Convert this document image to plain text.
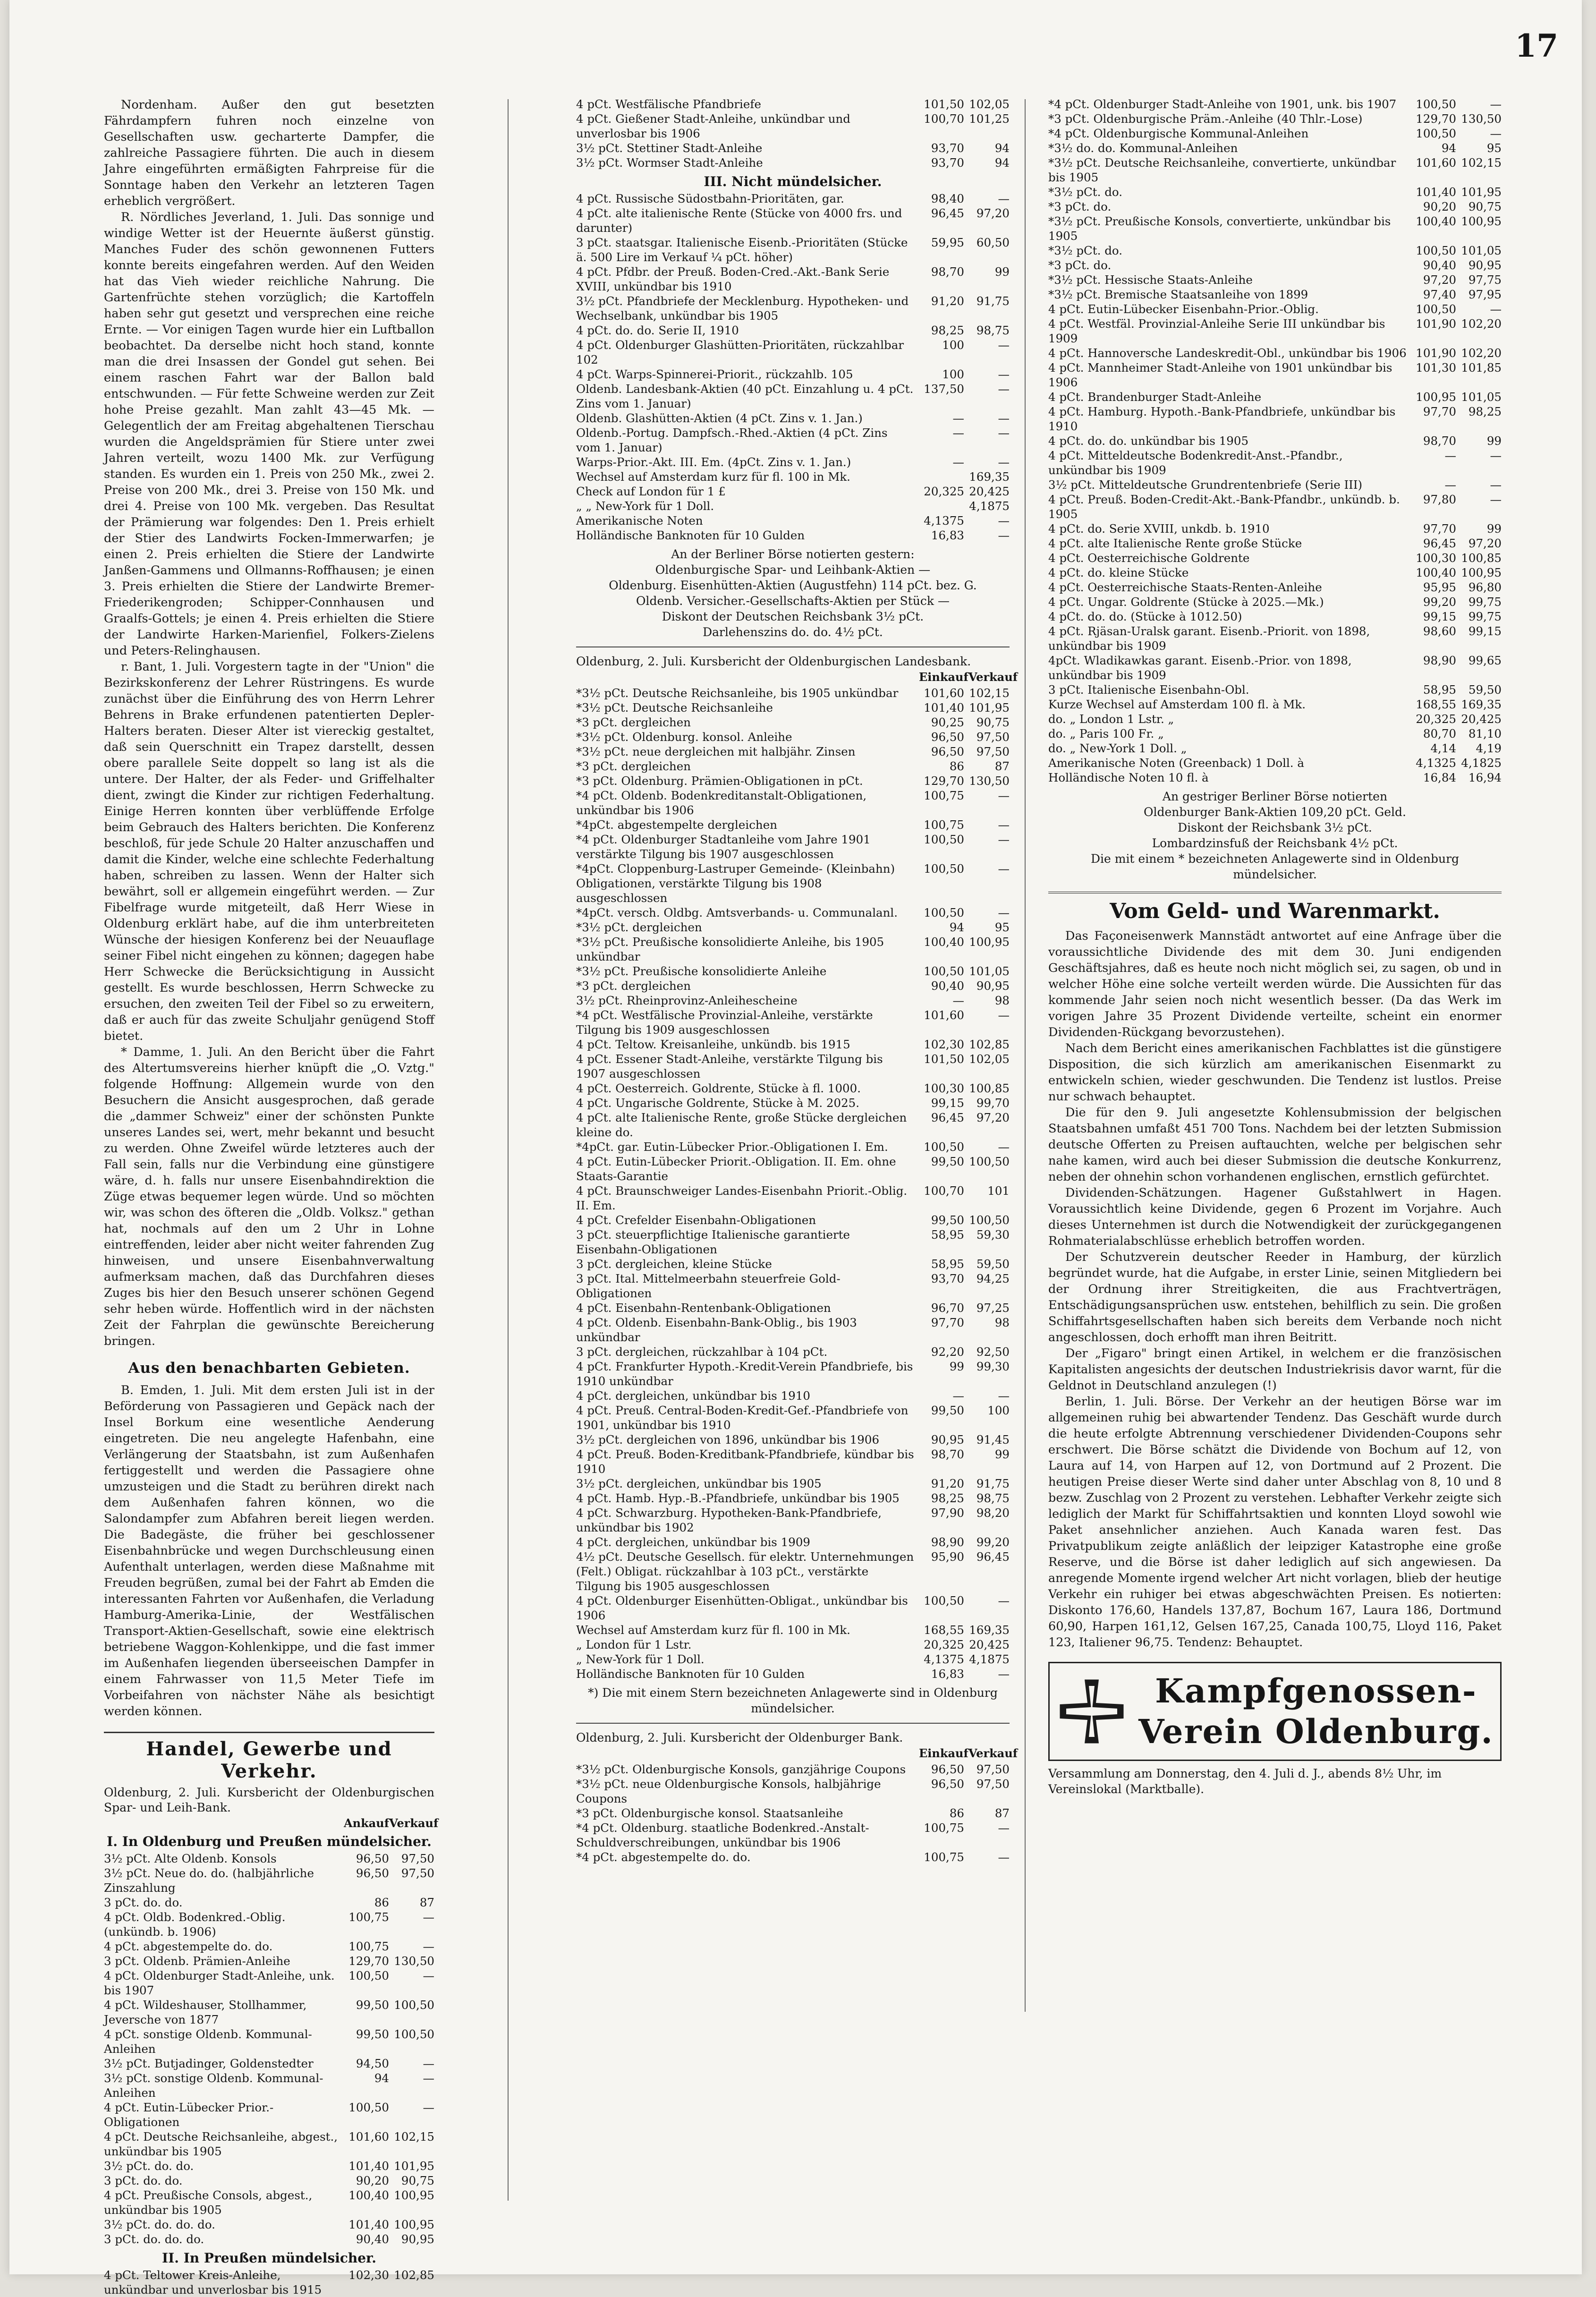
17

Nordenham. Außer den gut besetzten Fährdampfern fuhren noch einzelne von Gesellschaften usw. gecharterte Dampfer, die zahlreiche Passagiere führten. Die auch in diesem Jahre eingeführten ermäßigten Fahrpreise für die Sonntage haben den Verkehr an letzteren Tagen erheblich vergrößert.

R. Nördliches Jeverland, 1. Juli. Das sonnige und windige Wetter ist der Heuernte äußerst günstig. Manches Fuder des schön gewonnenen Futters konnte bereits eingefahren werden. Auf den Weiden hat das Vieh wieder reichliche Nahrung. Die Gartenfrüchte stehen vorzüglich; die Kartoffeln haben sehr gut gesetzt und versprechen eine reiche Ernte. — Vor einigen Tagen wurde hier ein Luftballon beobachtet. Da derselbe nicht hoch stand, konnte man die drei Insassen der Gondel gut sehen. Bei einem raschen Fahrt war der Ballon bald entschwunden. — Für fette Schweine werden zur Zeit hohe Preise gezahlt. Man zahlt 43—45 Mk. — Gelegentlich der am Freitag abgehaltenen Tierschau wurden die Angeldsprämien für Stiere unter zwei Jahren verteilt, wozu 1400 Mk. zur Verfügung standen. Es wurden ein 1. Preis von 250 Mk., zwei 2. Preise von 200 Mk., drei 3. Preise von 150 Mk. und drei 4. Preise von 100 Mk. vergeben. Das Resultat der Prämierung war folgendes: Den 1. Preis erhielt der Stier des Landwirts Focken-Immerwarfen; je einen 2. Preis erhielten die Stiere der Landwirte Janßen-Gammens und Ollmanns-Roffhausen; je einen 3. Preis erhielten die Stiere der Landwirte Bremer-Friederikengroden; Schipper-Connhausen und Graalfs-Gottels; je einen 4. Preis erhielten die Stiere der Landwirte Harken-Marienfiel, Folkers-Zielens und Peters-Relinghausen.

r. Bant, 1. Juli. Vorgestern tagte in der "Union" die Bezirkskonferenz der Lehrer Rüstringens. Es wurde zunächst über die Einführung des von Herrn Lehrer Behrens in Brake erfundenen patentierten Depler-Halters beraten. Dieser Alter ist viereckig gestaltet, daß sein Querschnitt ein Trapez darstellt, dessen obere parallele Seite doppelt so lang ist als die untere. Der Halter, der als Feder- und Griffelhalter dient, zwingt die Kinder zur richtigen Federhaltung. Einige Herren konnten über verblüffende Erfolge beim Gebrauch des Halters berichten. Die Konferenz beschloß, für jede Schule 20 Halter anzuschaffen und damit die Kinder, welche eine schlechte Federhaltung haben, schreiben zu lassen. Wenn der Halter sich bewährt, soll er allgemein eingeführt werden. — Zur Fibelfrage wurde mitgeteilt, daß Herr Wiese in Oldenburg erklärt habe, auf die ihm unterbreiteten Wünsche der hiesigen Konferenz bei der Neuauflage seiner Fibel nicht eingehen zu können; dagegen habe Herr Schwecke die Berücksichtigung in Aussicht gestellt. Es wurde beschlossen, Herrn Schwecke zu ersuchen, den zweiten Teil der Fibel so zu erweitern, daß er auch für das zweite Schuljahr genügend Stoff bietet.

* Damme, 1. Juli. An den Bericht über die Fahrt des Altertumsvereins hierher knüpft die „O. Vztg." folgende Hoffnung: Allgemein wurde von den Besuchern die Ansicht ausgesprochen, daß gerade die „dammer Schweiz" einer der schönsten Punkte unseres Landes sei, wert, mehr bekannt und besucht zu werden. Ohne Zweifel würde letzteres auch der Fall sein, falls nur die Verbindung eine günstigere wäre, d. h. falls nur unsere Eisenbahndirektion die Züge etwas bequemer legen würde. Und so möchten wir, was schon des öfteren die „Oldb. Volksz." gethan hat, nochmals auf den um 2 Uhr in Lohne eintreffenden, leider aber nicht weiter fahrenden Zug hinweisen, und unsere Eisenbahnverwaltung aufmerksam machen, daß das Durchfahren dieses Zuges bis hier den Besuch unserer schönen Gegend sehr heben würde. Hoffentlich wird in der nächsten Zeit der Fahrplan die gewünschte Bereicherung bringen.

Aus den benachbarten Gebieten.

B. Emden, 1. Juli. Mit dem ersten Juli ist in der Beförderung von Passagieren und Gepäck nach der Insel Borkum eine wesentliche Aenderung eingetreten. Die neu angelegte Hafenbahn, eine Verlängerung der Staatsbahn, ist zum Außenhafen fertiggestellt und werden die Passagiere ohne umzusteigen und die Stadt zu berühren direkt nach dem Außenhafen fahren können, wo die Salondampfer zum Abfahren bereit liegen werden. Die Badegäste, die früher bei geschlossener Eisenbahnbrücke und wegen Durchschleusung einen Aufenthalt unterlagen, werden diese Maßnahme mit Freuden begrüßen, zumal bei der Fahrt ab Emden die interessanten Fahrten vor Außenhafen, die Verladung Hamburg-Amerika-Linie, der Westfälischen Transport-Aktien-Gesellschaft, sowie eine elektrisch betriebene Waggon-Kohlenkippe, und die fast immer im Außenhafen liegenden überseeischen Dampfer in einem Fahrwasser von 11,5 Meter Tiefe im Vorbeifahren von nächster Nähe als besichtigt werden können.

Handel, Gewerbe und Verkehr.
Oldenburg, 2. Juli. Kursbericht der Oldenburgischen Spar- und Leih-Bank.
Ankauf Verkauf
I. In Oldenburg und Preußen mündelsicher.
3½ pCt. Alte Oldenb. Konsols	96,50	97,50
3½ pCt. Neue do. do. (halbjährliche Zinszahlung	96,50	97,50
3 pCt. do. do.	86	87
4 pCt. Oldb. Bodenkred.-Oblig. (unkündb. b. 1906)	100,75	—
4 pCt. abgestempelte do. do.	100,75	—
3 pCt. Oldenb. Prämien-Anleihe	129,70	130,50
4 pCt. Oldenburger Stadt-Anleihe, unk. bis 1907	100,50	—
4 pCt. Wildeshauser, Stollhammer, Jeversche von 1877	99,50	100,50
4 pCt. sonstige Oldenb. Kommunal-Anleihen	99,50	100,50
3½ pCt. Butjadinger, Goldenstedter	94,50	—
3½ pCt. sonstige Oldenb. Kommunal-Anleihen	94	—
4 pCt. Eutin-Lübecker Prior.-Obligationen	100,50	—
4 pCt. Deutsche Reichsanleihe, abgest., unkündbar bis 1905	101,60	102,15
3½ pCt. do. do.	101,40	101,95
3 pCt. do. do.	90,20	90,75
4 pCt. Preußische Consols, abgest., unkündbar bis 1905	100,40	100,95
3½ pCt. do. do. do.	101,40	100,95
3 pCt. do. do. do.	90,40	90,95
II. In Preußen mündelsicher.
4 pCt. Teltower Kreis-Anleihe, unkündbar und unverlosbar bis 1915	102,30	102,85
4 pCt. Westfälische Pfandbriefe	101,50	102,05
4 pCt. Gießener Stadt-Anleihe, unkündbar und unverlosbar bis 1906	100,70	101,25
3½ pCt. Stettiner Stadt-Anleihe	93,70	94
3½ pCt. Wormser Stadt-Anleihe	93,70	94
III. Nicht mündelsicher.
4 pCt. Russische Südostbahn-Prioritäten, gar.	98,40	—
4 pCt. alte italienische Rente (Stücke von 4000 frs. und darunter)	96,45	97,20
3 pCt. staatsgar. Italienische Eisenb.-Prioritäten (Stücke ä. 500 Lire im Verkauf ¼ pCt. höher)	59,95	60,50
4 pCt. Pfdbr. der Preuß. Boden-Cred.-Akt.-Bank Serie XVIII, unkündbar bis 1910	98,70	99
3½ pCt. Pfandbriefe der Mecklenburg. Hypotheken- und Wechselbank, unkündbar bis 1905	91,20	91,75
4 pCt. do. do. Serie II, 1910	98,25	98,75
4 pCt. Oldenburger Glashütten-Prioritäten, rückzahlbar 102	100	—
4 pCt. Warps-Spinnerei-Priorit., rückzahlb. 105	100	—
Oldenb. Landesbank-Aktien (40 pCt. Einzahlung u. 4 pCt. Zins vom 1. Januar)	137,50	—
Oldenb. Glashütten-Aktien (4 pCt. Zins v. 1. Jan.)	—	—
Oldenb.-Portug. Dampfsch.-Rhed.-Aktien (4 pCt. Zins vom 1. Januar)	—	—
Warps-Prior.-Akt. III. Em. (4pCt. Zins v. 1. Jan.)	—	—
Wechsel auf Amsterdam kurz für fl. 100 in Mk.		169,35
Check auf London für 1 £	20,325	20,425
„ „ New-York für 1 Doll.		4,1875
Amerikanische Noten	4,1375	—
Holländische Banknoten für 10 Gulden	16,83	—
An der Berliner Börse notierten gestern:
Oldenburgische Spar- und Leihbank-Aktien —
Oldenburg. Eisenhütten-Aktien (Augustfehn) 114 pCt. bez. G.
Oldenb. Versicher.-Gesellschafts-Aktien per Stück —
Diskont der Deutschen Reichsbank 3½ pCt.
Darlehenszins do. do. 4½ pCt.
Oldenburg, 2. Juli. Kursbericht der Oldenburgischen Landesbank.
Einkauf Verkauf
*3½ pCt. Deutsche Reichsanleihe, bis 1905 unkündbar	101,60	102,15
*3½ pCt. Deutsche Reichsanleihe	101,40	101,95
*3 pCt. dergleichen	90,25	90,75
*3½ pCt. Oldenburg. konsol. Anleihe	96,50	97,50
*3½ pCt. neue dergleichen mit halbjähr. Zinsen	96,50	97,50
*3 pCt. dergleichen	86	87
*3 pCt. Oldenburg. Prämien-Obligationen in pCt.	129,70	130,50
*4 pCt. Oldenb. Bodenkreditanstalt-Obligationen, unkündbar bis 1906	100,75	—
*4pCt. abgestempelte dergleichen	100,75	—
*4 pCt. Oldenburger Stadtanleihe vom Jahre 1901 verstärkte Tilgung bis 1907 ausgeschlossen	100,50	—
*4pCt. Cloppenburg-Lastruper Gemeinde- (Kleinbahn) Obligationen, verstärkte Tilgung bis 1908 ausgeschlossen	100,50	—
*4pCt. versch. Oldbg. Amtsverbands- u. Communalanl.	100,50	—
*3½ pCt. dergleichen	94	95
*3½ pCt. Preußische konsolidierte Anleihe, bis 1905 unkündbar	100,40	100,95
*3½ pCt. Preußische konsolidierte Anleihe	100,50	101,05
*3 pCt. dergleichen	90,40	90,95
3½ pCt. Rheinprovinz-Anleihescheine	—	98
*4 pCt. Westfälische Provinzial-Anleihe, verstärkte Tilgung bis 1909 ausgeschlossen	101,60	—
4 pCt. Teltow. Kreisanleihe, unkündb. bis 1915	102,30	102,85
4 pCt. Essener Stadt-Anleihe, verstärkte Tilgung bis 1907 ausgeschlossen	101,50	102,05
4 pCt. Oesterreich. Goldrente, Stücke à fl. 1000.	100,30	100,85
4 pCt. Ungarische Goldrente, Stücke à M. 2025.	99,15	99,70
4 pCt. alte Italienische Rente, große Stücke dergleichen kleine do.	96,45	97,20
*4pCt. gar. Eutin-Lübecker Prior.-Obligationen I. Em.	100,50	—
4 pCt. Eutin-Lübecker Priorit.-Obligation. II. Em. ohne Staats-Garantie	99,50	100,50
4 pCt. Braunschweiger Landes-Eisenbahn Priorit.-Oblig. II. Em.	100,70	101
4 pCt. Crefelder Eisenbahn-Obligationen	99,50	100,50
3 pCt. steuerpflichtige Italienische garantierte Eisenbahn-Obligationen	58,95	59,30
3 pCt. dergleichen, kleine Stücke	58,95	59,50
3 pCt. Ital. Mittelmeerbahn steuerfreie Gold-Obligationen	93,70	94,25
4 pCt. Eisenbahn-Rentenbank-Obligationen	96,70	97,25
4 pCt. Oldenb. Eisenbahn-Bank-Oblig., bis 1903 unkündbar	97,70	98
3 pCt. dergleichen, rückzahlbar à 104 pCt.	92,20	92,50
4 pCt. Frankfurter Hypoth.-Kredit-Verein Pfandbriefe, bis 1910 unkündbar	99	99,30
4 pCt. dergleichen, unkündbar bis 1910	—	—
4 pCt. Preuß. Central-Boden-Kredit-Gef.-Pfandbriefe von 1901, unkündbar bis 1910	99,50	100
3½ pCt. dergleichen von 1896, unkündbar bis 1906	90,95	91,45
4 pCt. Preuß. Boden-Kreditbank-Pfandbriefe, kündbar bis 1910	98,70	99
3½ pCt. dergleichen, unkündbar bis 1905	91,20	91,75
4 pCt. Hamb. Hyp.-B.-Pfandbriefe, unkündbar bis 1905	98,25	98,75
4 pCt. Schwarzburg. Hypotheken-Bank-Pfandbriefe, unkündbar bis 1902	97,90	98,20
4 pCt. dergleichen, unkündbar bis 1909	98,90	99,20
4½ pCt. Deutsche Gesellsch. für elektr. Unternehmungen (Felt.) Obligat. rückzahlbar à 103 pCt., verstärkte Tilgung bis 1905 ausgeschlossen	95,90	96,45
4 pCt. Oldenburger Eisenhütten-Obligat., unkündbar bis 1906	100,50	—
Wechsel auf Amsterdam kurz für fl. 100 in Mk.	168,55	169,35
„ London für 1 Lstr.	20,325	20,425
„ New-York für 1 Doll.	4,1375	4,1875
Holländische Banknoten für 10 Gulden	16,83	—
*) Die mit einem Stern bezeichneten Anlagewerte sind in Oldenburg mündelsicher.
Oldenburg, 2. Juli. Kursbericht der Oldenburger Bank.
Einkauf Verkauf
*3½ pCt. Oldenburgische Konsols, ganzjährige Coupons	96,50	97,50
*3½ pCt. neue Oldenburgische Konsols, halbjährige Coupons	96,50	97,50
*3 pCt. Oldenburgische konsol. Staatsanleihe	86	87
*4 pCt. Oldenburg. staatliche Bodenkred.-Anstalt-Schuldverschreibungen, unkündbar bis 1906	100,75	—
*4 pCt. abgestempelte do. do.	100,75	—
*4 pCt. Oldenburger Stadt-Anleihe von 1901, unk. bis 1907	100,50	—
*3 pCt. Oldenburgische Präm.-Anleihe (40 Thlr.-Lose)	129,70	130,50
*4 pCt. Oldenburgische Kommunal-Anleihen	100,50	—
*3½ do. do. Kommunal-Anleihen	94	95
*3½ pCt. Deutsche Reichsanleihe, convertierte, unkündbar bis 1905	101,60	102,15
*3½ pCt. do.	101,40	101,95
*3 pCt. do.	90,20	90,75
*3½ pCt. Preußische Konsols, convertierte, unkündbar bis 1905	100,40	100,95
*3½ pCt. do.	100,50	101,05
*3 pCt. do.	90,40	90,95
*3½ pCt. Hessische Staats-Anleihe	97,20	97,75
*3½ pCt. Bremische Staatsanleihe von 1899	97,40	97,95
4 pCt. Eutin-Lübecker Eisenbahn-Prior.-Oblig.	100,50	—
4 pCt. Westfäl. Provinzial-Anleihe Serie III unkündbar bis 1909	101,90	102,20
4 pCt. Hannoversche Landeskredit-Obl., unkündbar bis 1906	101,90	102,20
4 pCt. Mannheimer Stadt-Anleihe von 1901 unkündbar bis 1906	101,30	101,85
4 pCt. Brandenburger Stadt-Anleihe	100,95	101,05
4 pCt. Hamburg. Hypoth.-Bank-Pfandbriefe, unkündbar bis 1910	97,70	98,25
4 pCt. do. do. unkündbar bis 1905	98,70	99
4 pCt. Mitteldeutsche Bodenkredit-Anst.-Pfandbr., unkündbar bis 1909	—	—
3½ pCt. Mitteldeutsche Grundrentenbriefe (Serie III)	—	—
4 pCt. Preuß. Boden-Credit-Akt.-Bank-Pfandbr., unkündb. b. 1905	97,80	—
4 pCt. do. Serie XVIII, unkdb. b. 1910	97,70	99
4 pCt. alte Italienische Rente große Stücke	96,45	97,20
4 pCt. Oesterreichische Goldrente	100,30	100,85
4 pCt. do. kleine Stücke	100,40	100,95
4 pCt. Oesterreichische Staats-Renten-Anleihe	95,95	96,80
4 pCt. Ungar. Goldrente (Stücke à 2025.—Mk.)	99,20	99,75
4 pCt. do. do. (Stücke à 1012.50)	99,15	99,75
4 pCt. Rjäsan-Uralsk garant. Eisenb.-Priorit. von 1898, unkündbar bis 1909	98,60	99,15
4pCt. Wladikawkas garant. Eisenb.-Prior. von 1898, unkündbar bis 1909	98,90	99,65
3 pCt. Italienische Eisenbahn-Obl.	58,95	59,50
Kurze Wechsel auf Amsterdam 100 fl. à Mk.	168,55	169,35
do. „ London 1 Lstr. „	20,325	20,425
do. „ Paris 100 Fr. „	80,70	81,10
do. „ New-York 1 Doll. „	4,14	4,19
Amerikanische Noten (Greenback) 1 Doll. à	4,1325	4,1825
Holländische Noten 10 fl. à	16,84	16,94
An gestriger Berliner Börse notierten
Oldenburger Bank-Aktien 109,20 pCt. Geld.
Diskont der Reichsbank 3½ pCt.
Lombardzinsfuß der Reichsbank 4½ pCt.
Die mit einem * bezeichneten Anlagewerte sind in Oldenburg mündelsicher.
Vom Geld- und Warenmarkt.

Das Façoneisenwerk Mannstädt antwortet auf eine Anfrage über die voraussichtliche Dividende des mit dem 30. Juni endigenden Geschäftsjahres, daß es heute noch nicht möglich sei, zu sagen, ob und in welcher Höhe eine solche verteilt werden würde. Die Aussichten für das kommende Jahr seien noch nicht wesentlich besser. (Da das Werk im vorigen Jahre 35 Prozent Dividende verteilte, scheint ein enormer Dividenden-Rückgang bevorzustehen).

Nach dem Bericht eines amerikanischen Fachblattes ist die günstigere Disposition, die sich kürzlich am amerikanischen Eisenmarkt zu entwickeln schien, wieder geschwunden. Die Tendenz ist lustlos. Preise nur schwach behauptet.

Die für den 9. Juli angesetzte Kohlensubmission der belgischen Staatsbahnen umfaßt 451 700 Tons. Nachdem bei der letzten Submission deutsche Offerten zu Preisen auftauchten, welche per belgischen sehr nahe kamen, wird auch bei dieser Submission die deutsche Konkurrenz, neben der ohnehin schon vorhandenen englischen, ernstlich gefürchtet.

Dividenden-Schätzungen. Hagener Gußstahlwert in Hagen. Voraussichtlich keine Dividende, gegen 6 Prozent im Vorjahre. Auch dieses Unternehmen ist durch die Notwendigkeit der zurückgegangenen Rohmaterialabschlüsse erheblich betroffen worden.

Der Schutzverein deutscher Reeder in Hamburg, der kürzlich begründet wurde, hat die Aufgabe, in erster Linie, seinen Mitgliedern bei der Ordnung ihrer Streitigkeiten, die aus Frachtverträgen, Entschädigungsansprüchen usw. entstehen, behilflich zu sein. Die großen Schiffahrtsgesellschaften haben sich bereits dem Verbande noch nicht angeschlossen, doch erhofft man ihren Beitritt.

Der „Figaro" bringt einen Artikel, in welchem er die französischen Kapitalisten angesichts der deutschen Industriekrisis davor warnt, für die Geldnot in Deutschland anzulegen (!)

Berlin, 1. Juli. Börse. Der Verkehr an der heutigen Börse war im allgemeinen ruhig bei abwartender Tendenz. Das Geschäft wurde durch die heute erfolgte Abtrennung verschiedener Dividenden-Coupons sehr erschwert. Die Börse schätzt die Dividende von Bochum auf 12, von Laura auf 14, von Harpen auf 12, von Dortmund auf 2 Prozent. Die heutigen Preise dieser Werte sind daher unter Abschlag von 8, 10 und 8 bezw. Zuschlag von 2 Prozent zu verstehen. Lebhafter Verkehr zeigte sich lediglich der Markt für Schiffahrtsaktien und konnten Lloyd sowohl wie Paket ansehnlicher anziehen. Auch Kanada waren fest. Das Privatpublikum zeigte anläßlich der leipziger Katastrophe eine große Reserve, und die Börse ist daher lediglich auf sich angewiesen. Da anregende Momente irgend welcher Art nicht vorlagen, blieb der heutige Verkehr ein ruhiger bei etwas abgeschwächten Preisen. Es notierten: Diskonto 176,60, Handels 137,87, Bochum 167, Laura 186, Dortmund 60,90, Harpen 161,12, Gelsen 167,25, Canada 100,75, Lloyd 116, Paket 123, Italiener 96,75. Tendenz: Behauptet.

Kampfgenossen-Verein Oldenburg.
Versammlung am Donnerstag, den 4. Juli d. J., abends 8½ Uhr, im Vereinslokal (Marktballe).
